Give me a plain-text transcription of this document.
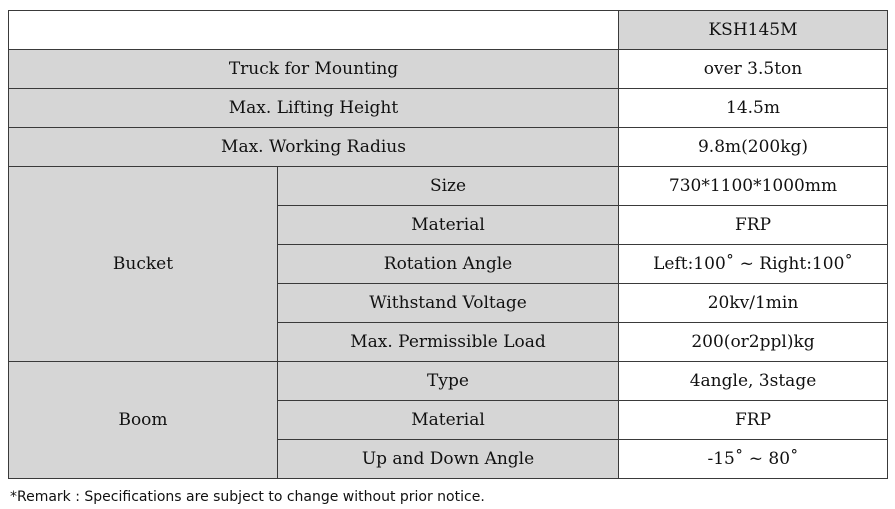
		KSH145M
Truck for Mounting		over 3.5ton
Max. Lifting Height		14.5m
Max. Working Radius		9.8m(200kg)
Bucket	Size	730*1100*1000mm
	Material	FRP
	Rotation Angle	Left:100˚ ~ Right:100˚
	Withstand Voltage	20kv/1min
	Max. Permissible Load	200(or2ppl)kg
Boom	Type	4angle, 3stage
	Material	FRP
	Up and Down Angle	-15˚ ~ 80˚
*Remark : Specifications are subject to change without prior notice.
